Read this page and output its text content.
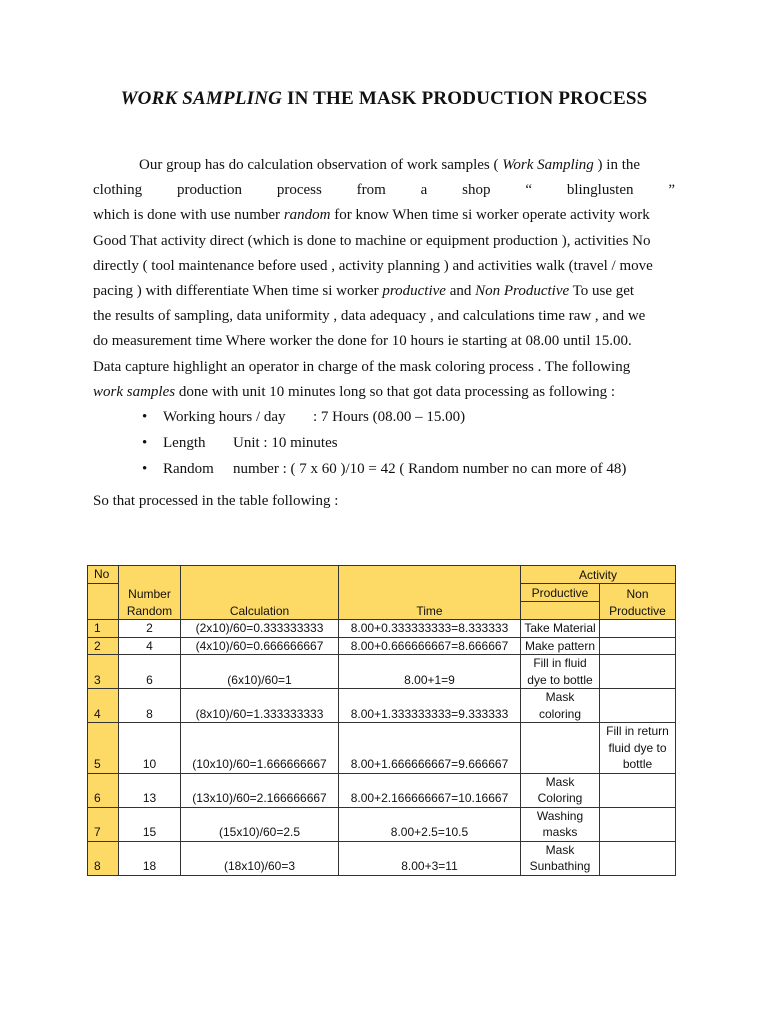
WORK SAMPLING IN THE MASK PRODUCTION PROCESS
Our group has do calculation observation of work samples ( Work Sampling ) in the
clothing production process from a shop “ blinglusten ”
which is done with use number random for know When time si worker operate activity work
Good That activity direct (which is done to machine or equipment production ), activities No
directly ( tool maintenance before used , activity planning ) and activities walk (travel / move
pacing ) with differentiate When time si worker productive and Non Productive To use get
the results of sampling, data uniformity , data adequacy , and calculations time raw , and we
do measurement time Where worker the done for 10 hours ie starting at 08.00 until 15.00.
Data capture highlight an operator in charge of the mask coloring process . The following
work samples done with unit 10 minutes long so that got data processing as following :
• Working hours / day : 7 Hours (08.00 – 15.00)
• Length Unit : 10 minutes
• Random number : ( 7 x 60 )/10 = 42 ( Random number no can more of 48)
So that processed in the table following :
No	Number Random	Calculation	Time	Activity	
				Productive	Non Productive

1	2	(2x10)/60=0.333333333	8.00+0.333333333=8.333333	Take Material	
2	4	(4x10)/60=0.666666667	8.00+0.666666667=8.666667	Make pattern	
3	6	(6x10)/60=1	8.00+1=9	Fill in fluid dye to bottle	
4	8	(8x10)/60=1.333333333	8.00+1.333333333=9.333333	Mask coloring	
5	10	(10x10)/60=1.666666667	8.00+1.666666667=9.666667		Fill in return fluid dye to bottle
6	13	(13x10)/60=2.166666667	8.00+2.166666667=10.16667	Mask Coloring	
7	15	(15x10)/60=2.5	8.00+2.5=10.5	Washing masks	
8	18	(18x10)/60=3	8.00+3=11	Mask Sunbathing	
